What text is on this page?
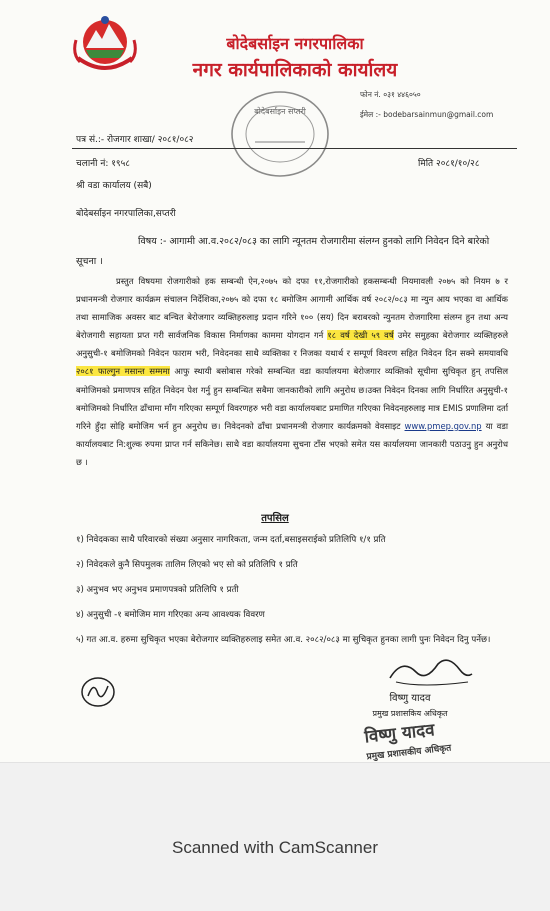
बोदेबर्साइन नगरपालिका
नगर कार्यपालिकाको कार्यालय
बोदेबर्साइन सप्तरी
फोन नं. ०३१ ४४६०५०
ईमेल :- bodebarsainmun@gmail.com
पत्र सं.:- रोजगार शाखा/ २०८१/०८२
चलानी नं: १९५८	मिति २०८१/१०/२८
श्री वडा कार्यालय (सबै)
बोदेबर्साइन नगरपालिका,सप्तरी
विषय :- आगामी आ.व.२०८२/०८३ का लागि न्यूनतम रोजगारीमा संलग्न हुनको लागि निवेदन दिने बारेको सूचना ।
प्रस्तुत विषयमा रोजगारीको हक सम्बन्धी ऐन,२०७५ को दफा ११,रोजगारीको हकसम्बन्धी नियमावली २०७५ को नियम ७ र प्रधानमन्त्री रोजगार कार्यक्रम संचालन निर्देशिका,२०७५ को दफा १८ बमोजिम आगामी आर्थिक वर्ष २०८२/०८३ मा न्युन आय भएका वा आर्थिक तथा सामाजिक अवसर बाट बन्चित बेरोजगार व्यक्तिहरुलाइ प्रदान गरिने १०० (सय) दिन बराबरको न्युनतम रोजगारिमा संलग्न हुन तथा अन्य बेरोजगारी सहायता प्रप्त गरी सार्वजनिक विकास निर्माणका काममा योगदान गर्न १८ वर्ष देखी ५९ वर्ष उमेर समुहका बेरोजगार व्यक्तिहरुले अनुसुची-१ बमोजिमको निवेदन फाराम भरी, निवेदनका साथै व्यक्तिका र निजका यथार्थ र सम्पूर्ण विवरण सहित निवेदन दिन सक्ने समयावधि २०८१ फाल्गुन मसान्त सम्ममा आफु स्थायी बसोबास गरेको सम्बन्धित वडा कार्यालयमा बेरोजगार व्यक्तिको सूचीमा सुचिकृत हुन् तपसिल बमोजिमको प्रमाणपत्र सहित निवेदन पेश गर्नु हुन सम्बन्धित सबैमा जानकारीको लागि अनुरोध छ।उक्त निवेदन दिनका लागि निर्धारित अनुसुची-१ बमोजिमको निर्धारित ढाँचामा माँग गरिएका सम्पूर्ण विवरणहरु भरी वडा कार्यालयबाट प्रमाणित गरिएका निवेदनहरुलाइ मात्र EMIS प्रणालिमा दर्ता गरिने हुँदा सोहि बमोजिम भर्न हुन अनुरोध छ। निवेदनको ढाँचा प्रधानमन्त्री रोजगार कार्यक्रमको वेवसाइट www.pmep.gov.np या वडा कार्यालयबाट नि:शुल्क रुपमा प्राप्त गर्न सकिनेछ। साथै वडा कार्यालयमा सुचना टाँस भएको समेत यस कार्यालयमा जानकारी पठाउनु हुन अनुरोध छ ।
तपसिल
१) निवेदकका साथै परिवारको संख्या अनुसार नागरिकता, जन्म दर्ता,बसाइसराईको प्रतिलिपि १/१ प्रति
२) निवेदकले कुनै सिपमुलक तालिम लिएको भए सो को प्रतिलिपि १ प्रति
३) अनुभव भए अनुभव प्रमाणपत्रको प्रतिलिपि १ प्रती
४) अनुसुची -१ बमोजिम माग गरिएका अन्य आवश्यक विवरण
५) गत आ.व. हरुमा सुचिकृत भएका बेरोजगार व्यक्तिहरुलाइ समेत आ.व. २०८२/०८३ मा सुचिकृत हुनका लागी पुनः निवेदन दिनु पर्नेछ।
विष्णु यादव
प्रमुख प्रशासकिय अधिकृत
विष्णु यादव
प्रमुख प्रशासकीय अधिकृत
Scanned with CamScanner
